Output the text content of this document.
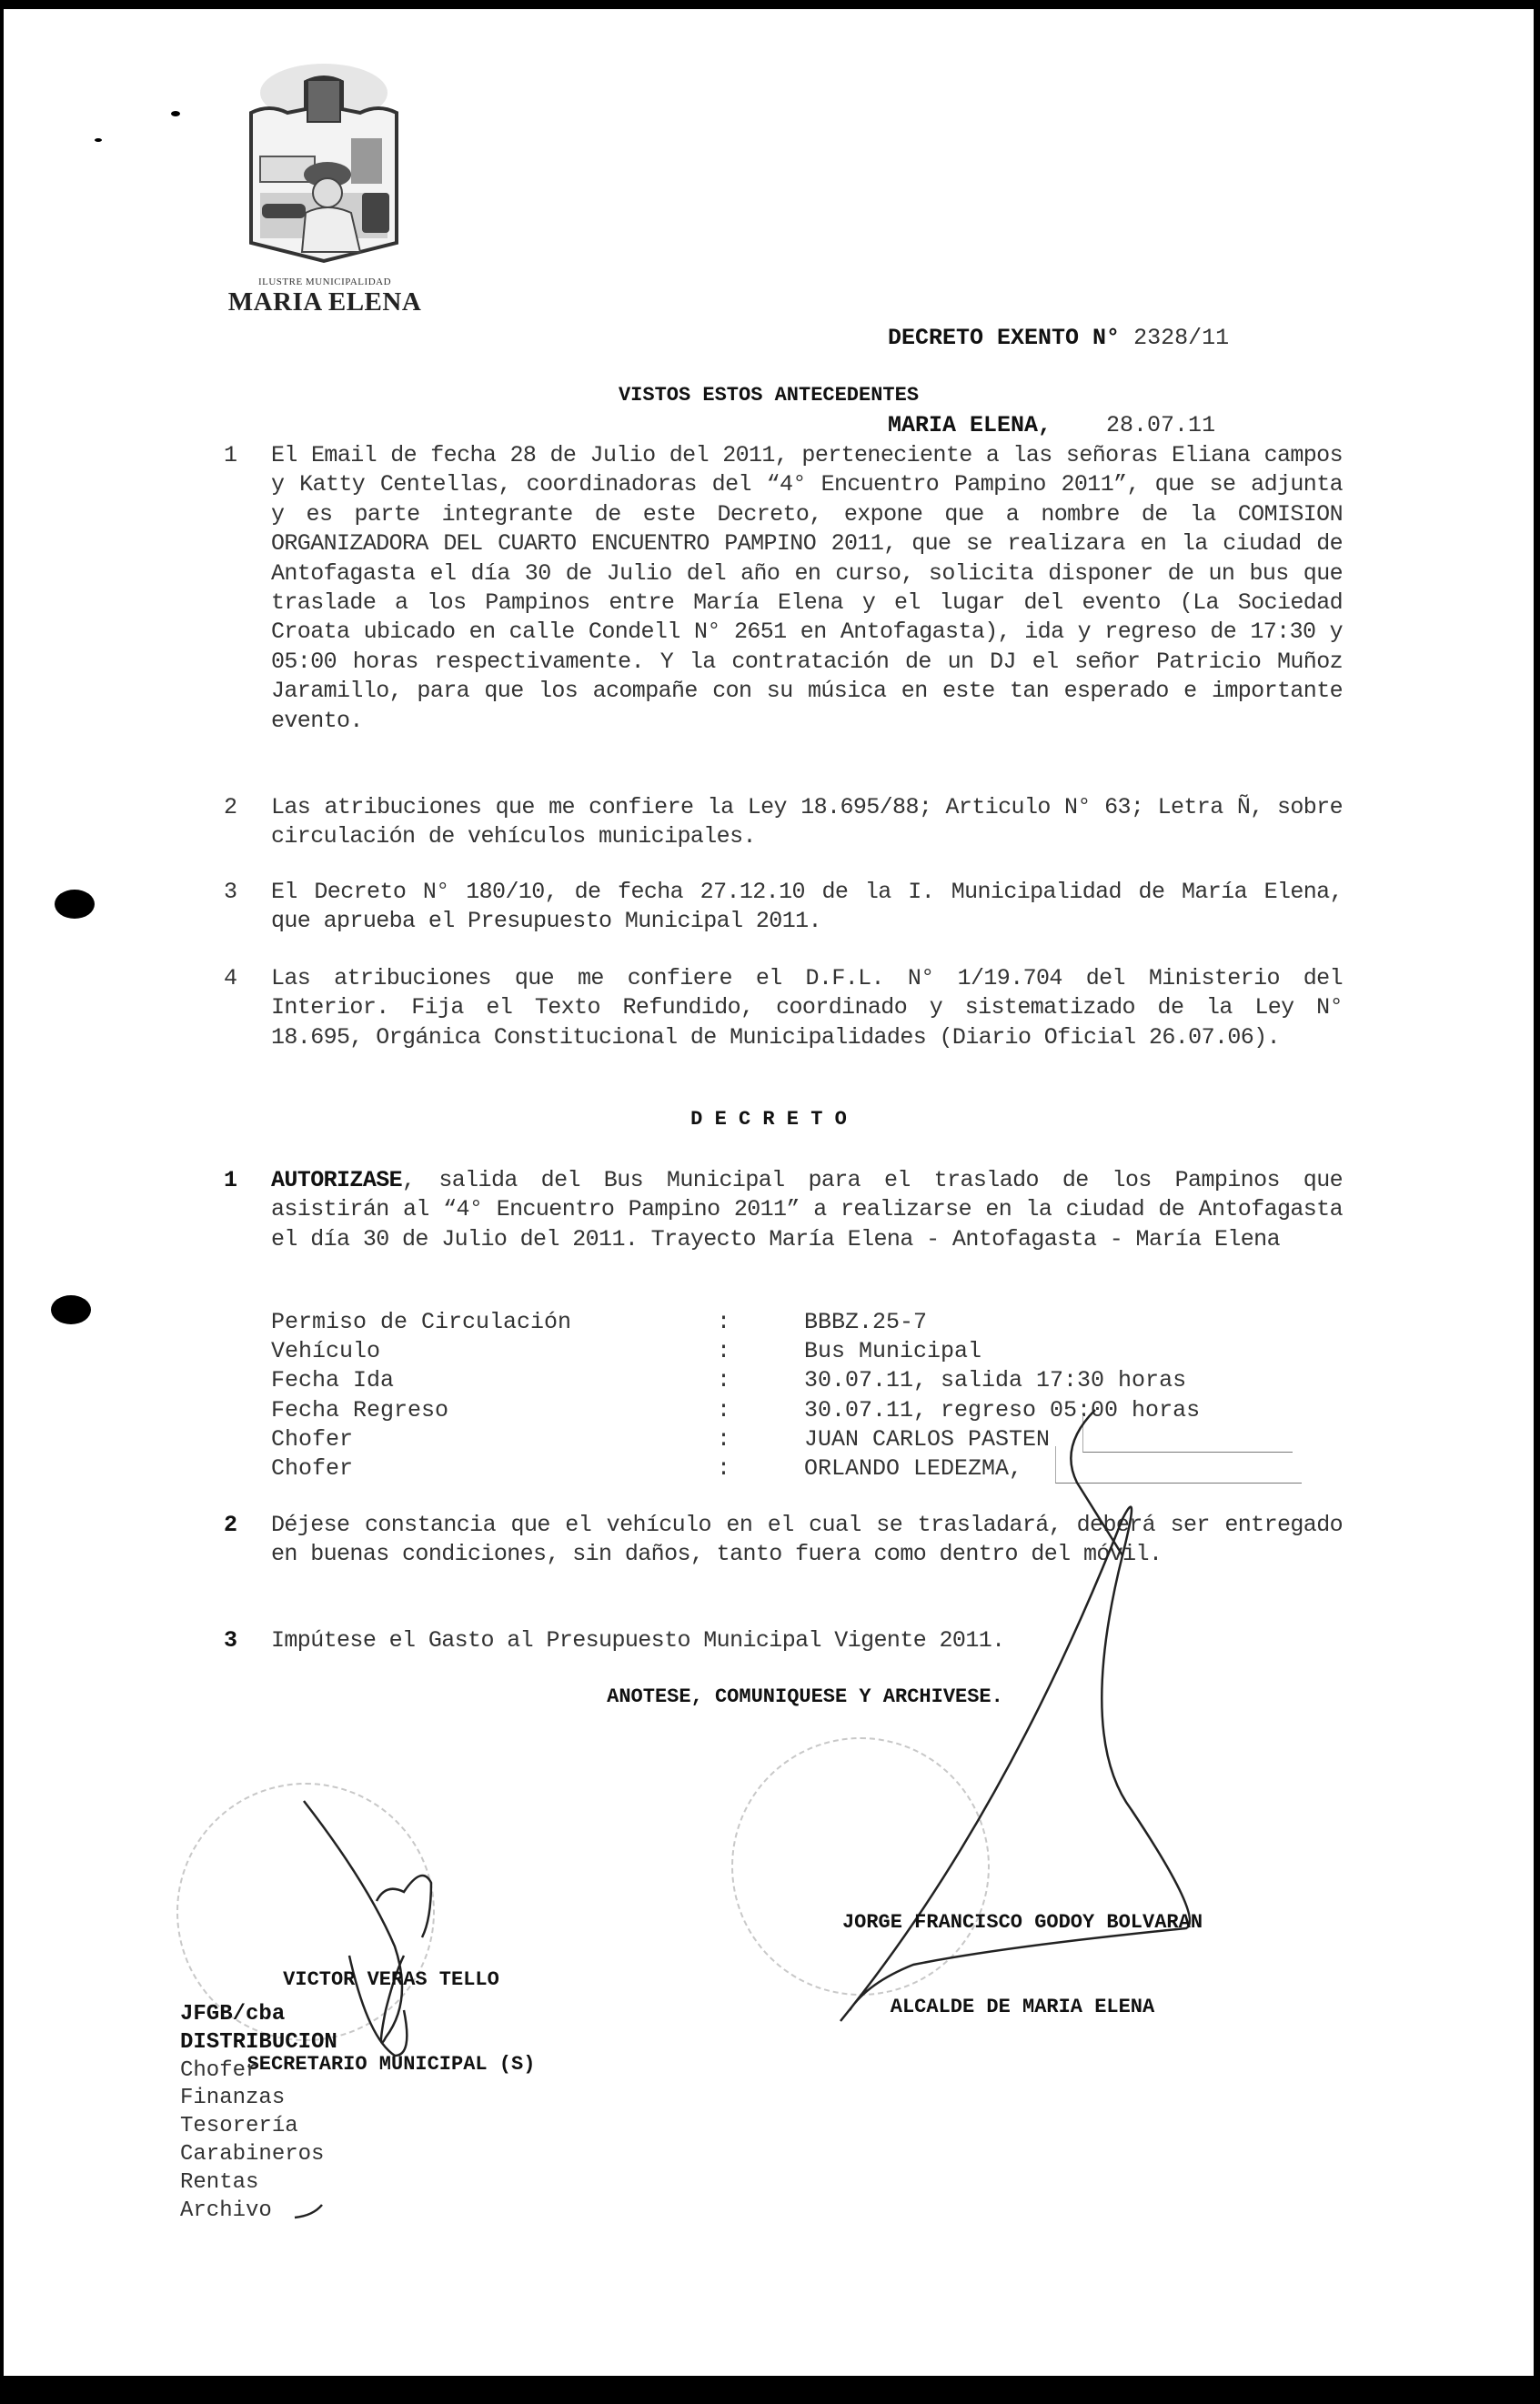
ILUSTRE MUNICIPALIDAD
MARIA ELENA

DECRETO EXENTO N° 2328/11

MARIA ELENA, 28.07.11

VISTOS ESTOS ANTECEDENTES
1 El Email de fecha 28 de Julio del 2011, perteneciente a las señoras Eliana campos y Katty Centellas, coordinadoras del “4° Encuentro Pampino 2011”, que se adjunta y es parte integrante de este Decreto, expone que a nombre de la COMISION ORGANIZADORA DEL CUARTO ENCUENTRO PAMPINO 2011, que se realizara en la ciudad de Antofagasta el día 30 de Julio del año en curso, solicita disponer de un bus que traslade a los Pampinos entre María Elena y el lugar del evento (La Sociedad Croata ubicado en calle Condell N° 2651 en Antofagasta), ida y regreso de 17:30 y 05:00 horas respectivamente. Y la contratación de un DJ el señor Patricio Muñoz Jaramillo, para que los acompañe con su música en este tan esperado e importante evento.
2 Las atribuciones que me confiere la Ley 18.695/88; Articulo N° 63; Letra Ñ, sobre circulación de vehículos municipales.
3 El Decreto N° 180/10, de fecha 27.12.10 de la I. Municipalidad de María Elena, que aprueba el Presupuesto Municipal 2011.
4 Las atribuciones que me confiere el D.F.L. N° 1/19.704 del Ministerio del Interior. Fija el Texto Refundido, coordinado y sistematizado de la Ley N° 18.695, Orgánica Constitucional de Municipalidades (Diario Oficial 26.07.06).
D E C R E T O
1 AUTORIZASE, salida del Bus Municipal para el traslado de los Pampinos que asistirán al “4° Encuentro Pampino 2011” a realizarse en la ciudad de Antofagasta el día 30 de Julio del 2011. Trayecto María Elena - Antofagasta - María Elena
Permiso de Circulación	:	BBBZ.25-7
Vehículo	:	Bus Municipal
Fecha Ida	:	30.07.11, salida 17:30 horas
Fecha Regreso	:	30.07.11, regreso 05:00 horas
Chofer	:	JUAN CARLOS PASTEN
Chofer	:	ORLANDO LEDEZMA,
2 Déjese constancia que el vehículo en el cual se trasladará, deberá ser entregado en buenas condiciones, sin daños, tanto fuera como dentro del móvil.
3 Impútese el Gasto al Presupuesto Municipal Vigente 2011.
ANOTESE, COMUNIQUESE Y ARCHIVESE.

VICTOR VERAS TELLO

SECRETARIO MUNICIPAL (S)

JORGE FRANCISCO GODOY BOLVARAN

ALCALDE DE MARIA ELENA

JFGB/cba
DISTRIBUCION
Chofer
Finanzas
Tesorería
Carabineros
Rentas
Archivo
